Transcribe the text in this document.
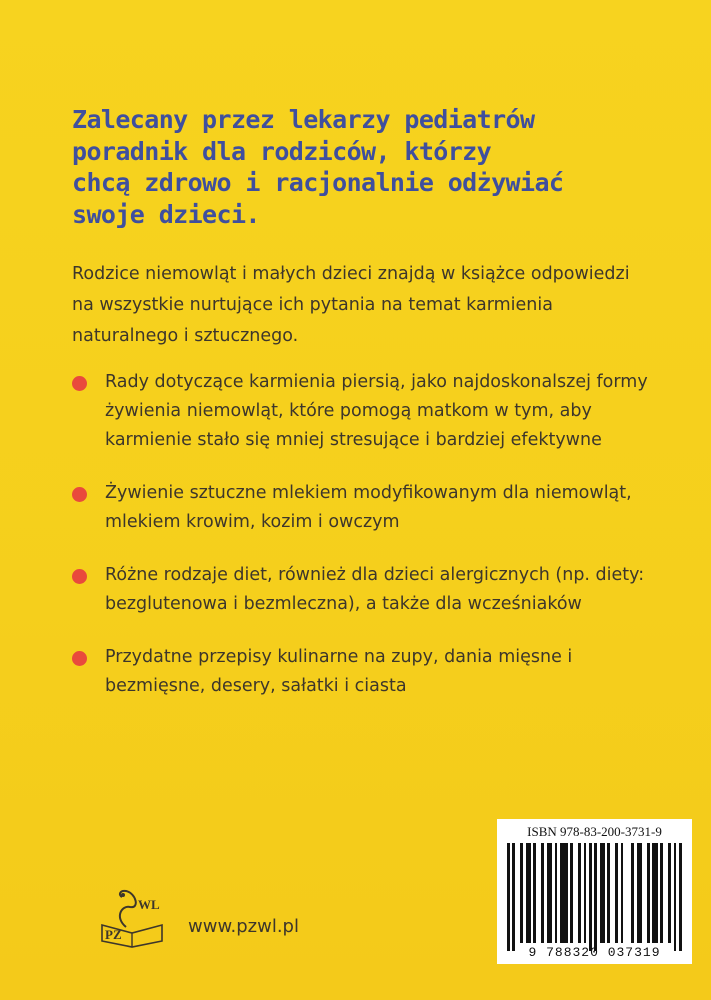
Zalecany przez lekarzy pediatrów
poradnik dla rodziców, którzy
chcą zdrowo i racjonalnie odżywiać
swoje dzieci.

Rodzice niemowląt i małych dzieci znajdą w książce odpowiedzi na wszystkie nurtujące ich pytania na temat karmienia naturalnego i sztucznego.

Rady dotyczące karmienia piersią, jako najdoskonalszej formy żywienia niemowląt, które pomogą matkom w tym, aby karmienie stało się mniej stresujące i bardziej efektywne
Żywienie sztuczne mlekiem modyfikowanym dla niemowląt, mlekiem krowim, kozim i owczym
Różne rodzaje diet, również dla dzieci alergicznych (np. diety: bezglutenowa i bezmleczna), a także dla wcześniaków
Przydatne przepisy kulinarne na zupy, dania mięsne i bezmięsne, desery, sałatki i ciasta
WL
PZ	www.pzwl.pl
ISBN 978-83-200-3731-9
9 788320 037319
